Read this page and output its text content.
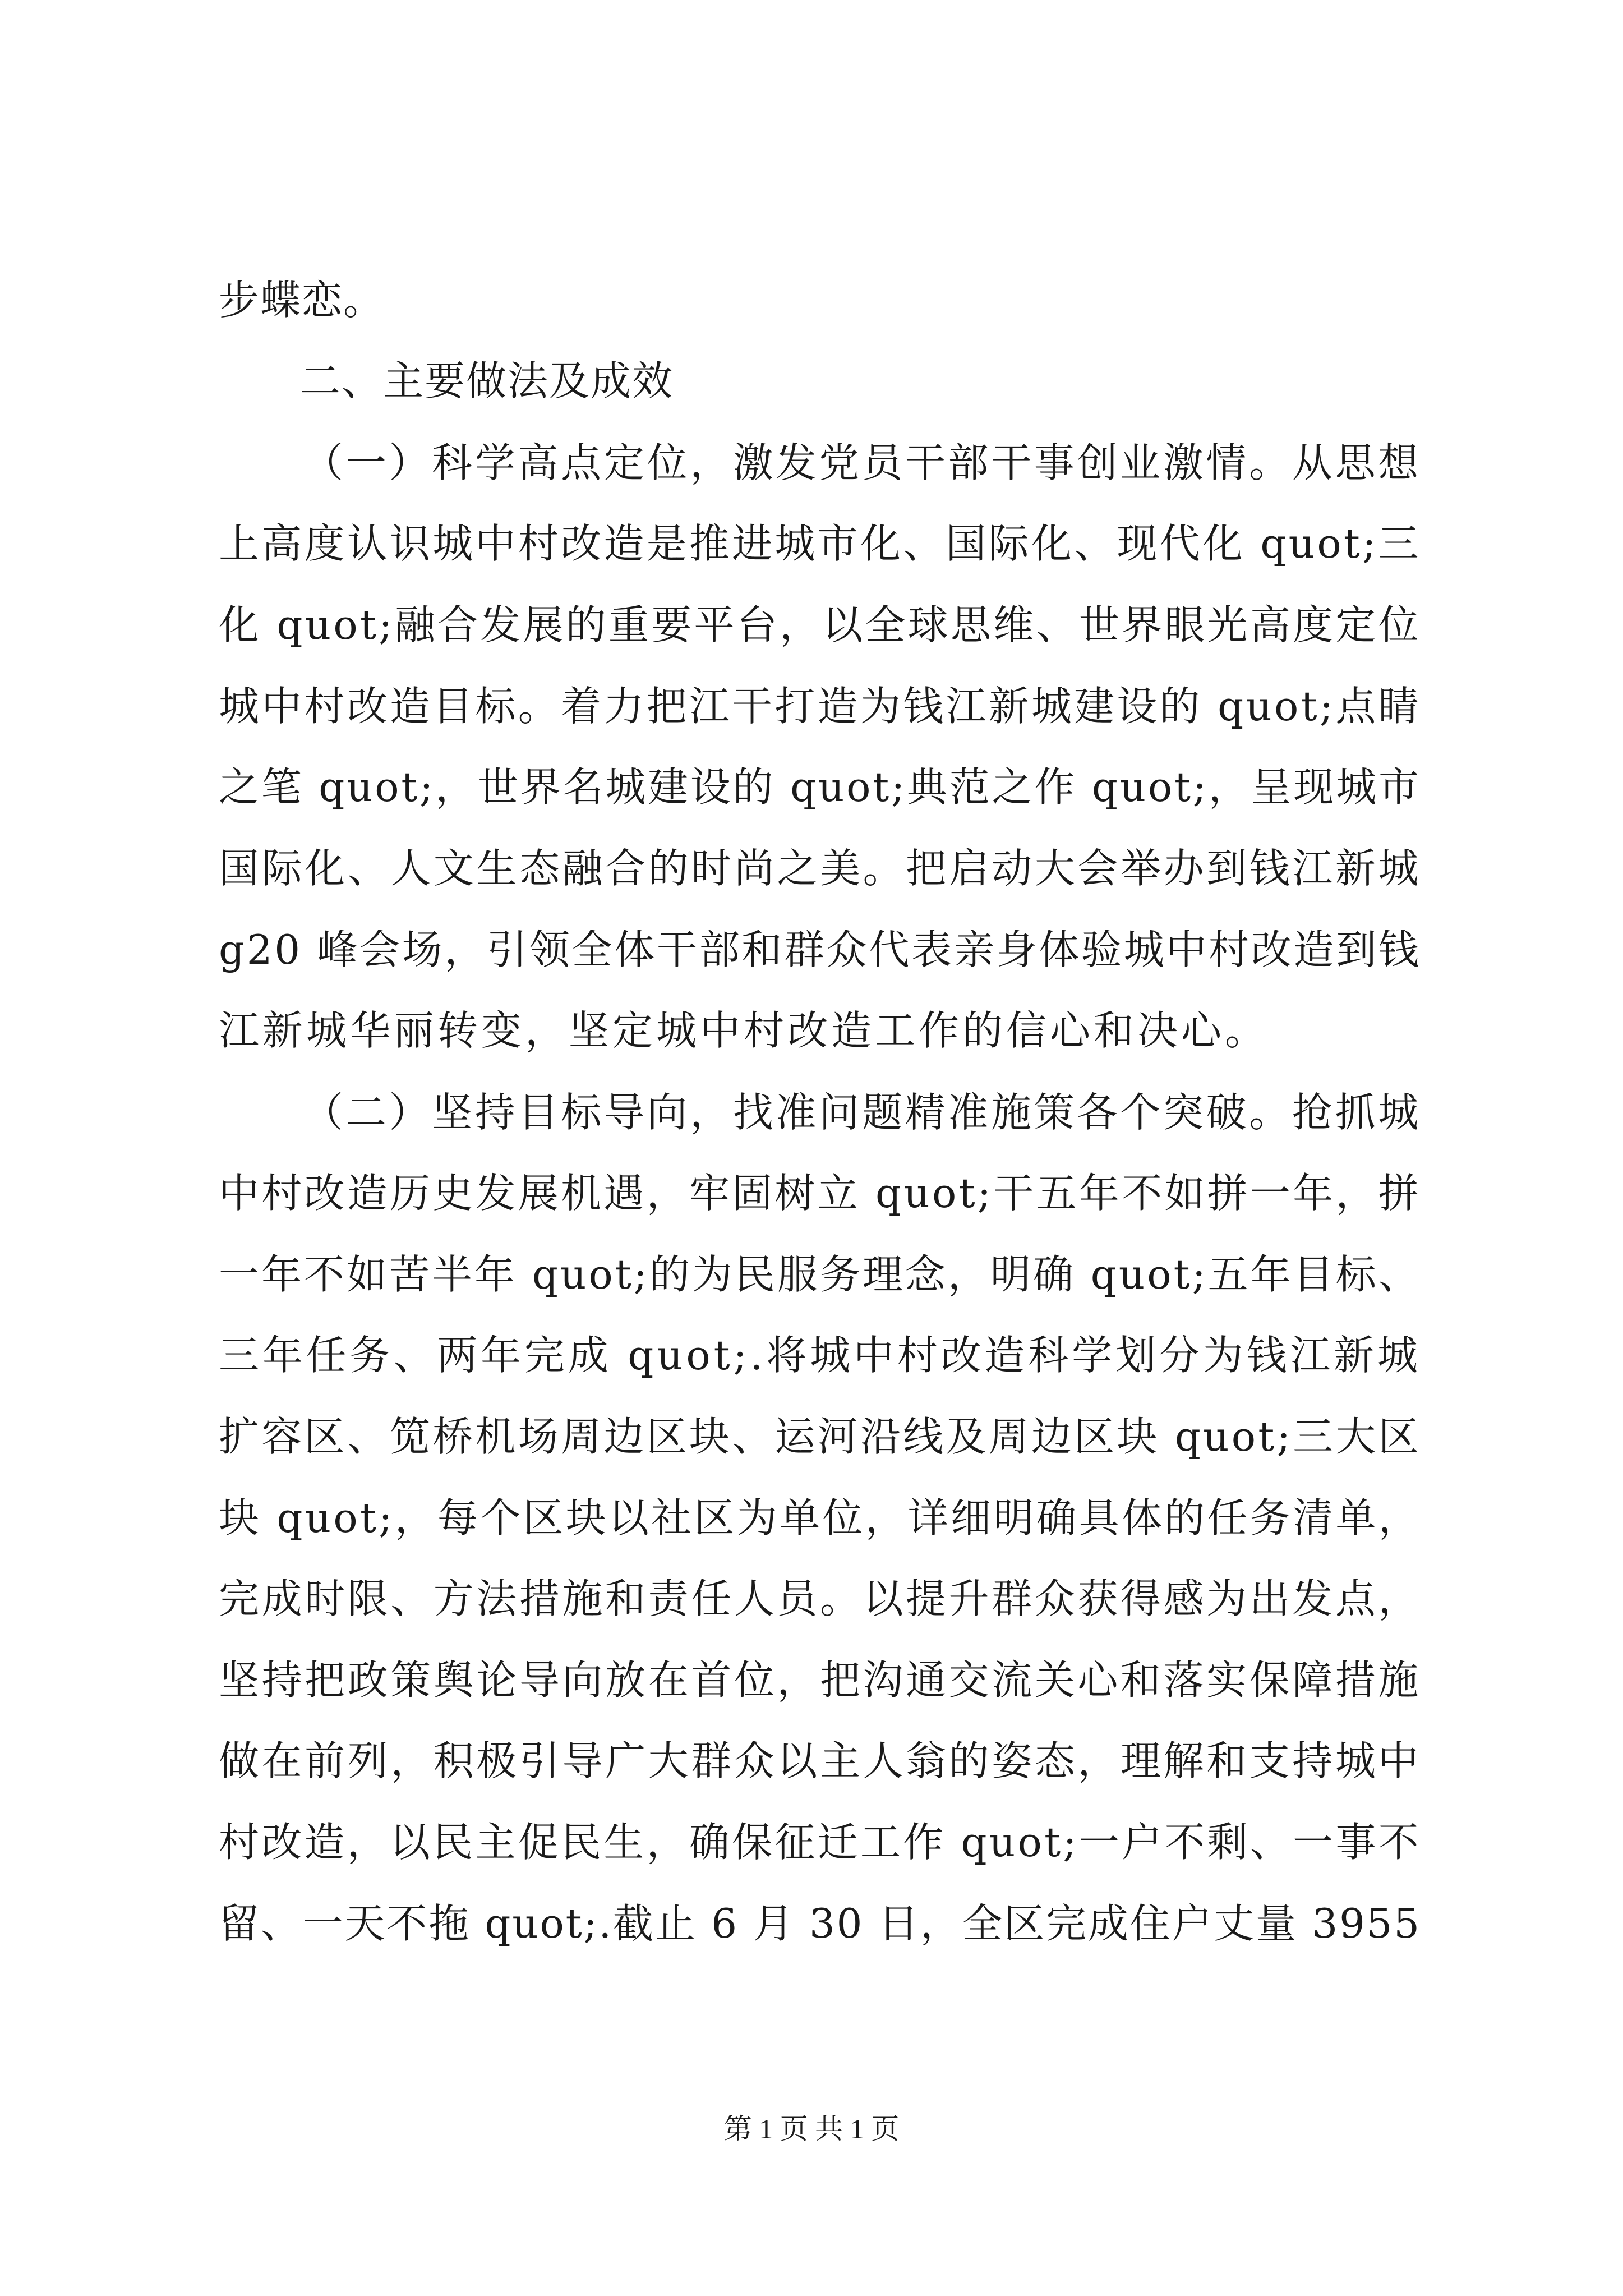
步蝶恋。
二、主要做法及成效
（一）科学高点定位，激发党员干部干事创业激情。从思想
上高度认识城中村改造是推进城市化、国际化、现代化 quot;三
化 quot;融合发展的重要平台，以全球思维、世界眼光高度定位
城中村改造目标。着力把江干打造为钱江新城建设的 quot;点睛
之笔 quot;，世界名城建设的 quot;典范之作 quot;，呈现城市
国际化、人文生态融合的时尚之美。把启动大会举办到钱江新城
g20 峰会场，引领全体干部和群众代表亲身体验城中村改造到钱
江新城华丽转变，坚定城中村改造工作的信心和决心。
（二）坚持目标导向，找准问题精准施策各个突破。抢抓城
中村改造历史发展机遇，牢固树立 quot;干五年不如拼一年，拼
一年不如苦半年 quot;的为民服务理念，明确 quot;五年目标、
三年任务、两年完成 quot;.将城中村改造科学划分为钱江新城
扩容区、笕桥机场周边区块、运河沿线及周边区块 quot;三大区
块 quot;，每个区块以社区为单位，详细明确具体的任务清单，
完成时限、方法措施和责任人员。以提升群众获得感为出发点，
坚持把政策舆论导向放在首位，把沟通交流关心和落实保障措施
做在前列，积极引导广大群众以主人翁的姿态，理解和支持城中
村改造，以民主促民生，确保征迁工作 quot;一户不剩、一事不
留、一天不拖 quot;.截止 6 月 30 日，全区完成住户丈量 3955
第 1 页 共 1 页
